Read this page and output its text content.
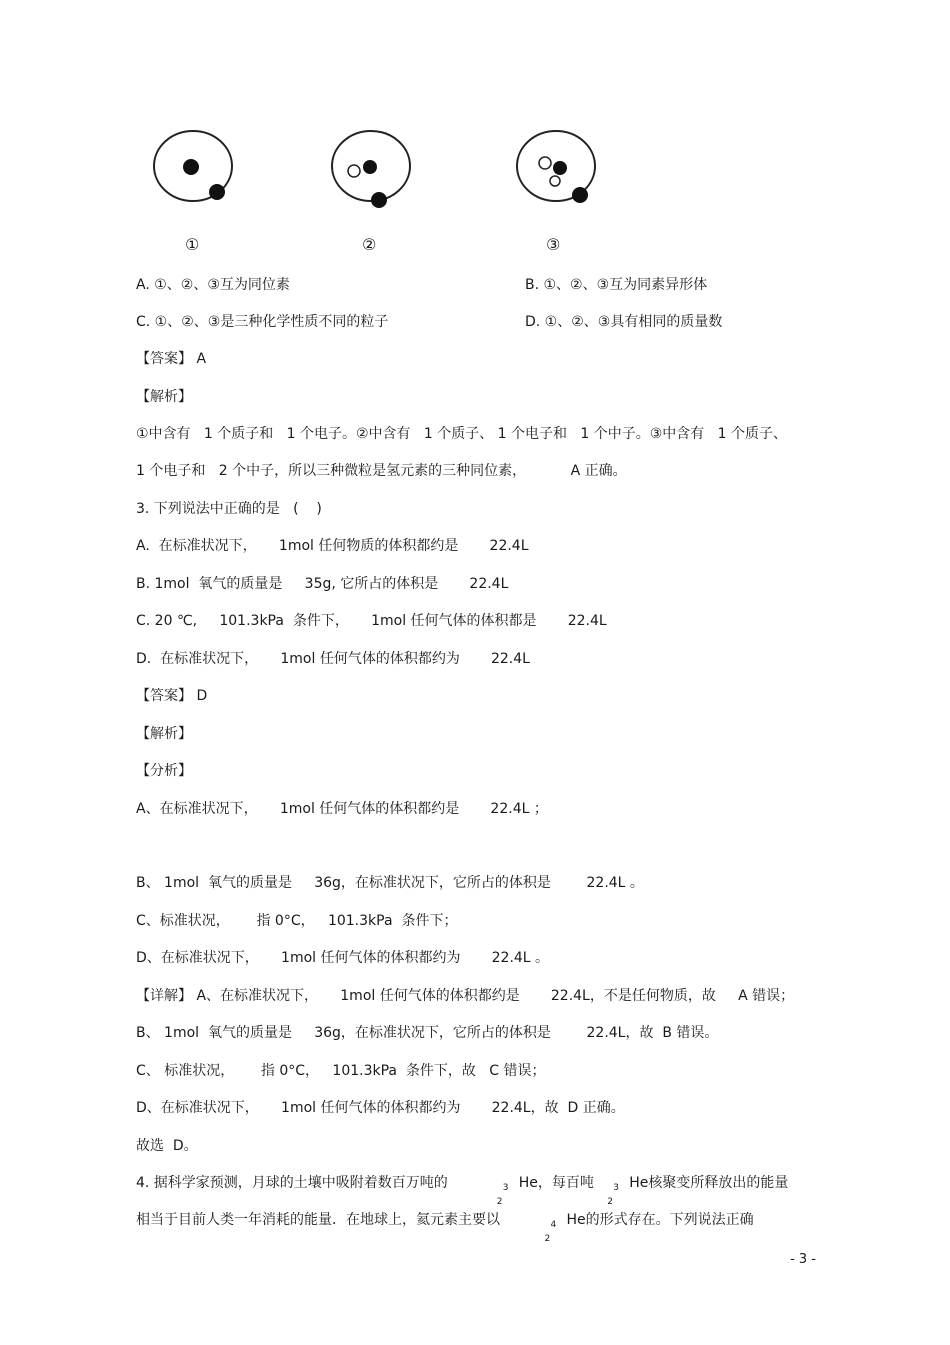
①	②	③
A. ①、②、③互为同位素	B. ①、②、③互为同素异形体
C. ①、②、③是三种化学性质不同的粒子	D. ①、②、③具有相同的质量数
【答案】 A
【解析】
①中含有   1 个质子和   1 个电子。②中含有   1 个质子、 1 个电子和   1 个中子。③中含有   1 个质子、
1 个电子和   2 个中子，所以三种微粒是氢元素的三种同位素，          A 正确。
3. 下列说法中正确的是   (    )
A.  在标准状况下，     1mol 任何物质的体积都约是       22.4L
B. 1mol  氧气的质量是     35g, 它所占的体积是       22.4L
C. 20 ℃,     101.3kPa  条件下，     1mol 任何气体的体积都是       22.4L
D.  在标准状况下，     1mol 任何气体的体积都约为       22.4L
【答案】 D
【解析】
【分析】
A、在标准状况下，     1mol 任何气体的体积都约是       22.4L ；
B、 1mol  氧气的质量是     36g，在标准状况下，它所占的体积是        22.4L 。
C、标准状况，      指 0°C，   101.3kPa  条件下；
D、在标准状况下，     1mol 任何气体的体积都约为       22.4L 。
【详解】 A、在标准状况下，     1mol 任何气体的体积都约是       22.4L，不是任何物质，故     A 错误；
B、 1mol  氧气的质量是     36g，在标准状况下，它所占的体积是        22.4L，故  B 错误。
C、 标准状况，      指 0°C，   101.3kPa  条件下，故   C 错误；
D、在标准状况下，     1mol 任何气体的体积都约为       22.4L，故  D 正确。
故选  D。
4. 据科学家预测，月球的土壤中吸附着数百万吨的	3
2
He，每百吨 3
2
He核聚变所释放出的能量
相当于目前人类一年消耗的能量．在地球上，氦元素主要以	4
2
He的形式存在。下列说法正确
- 3 -
